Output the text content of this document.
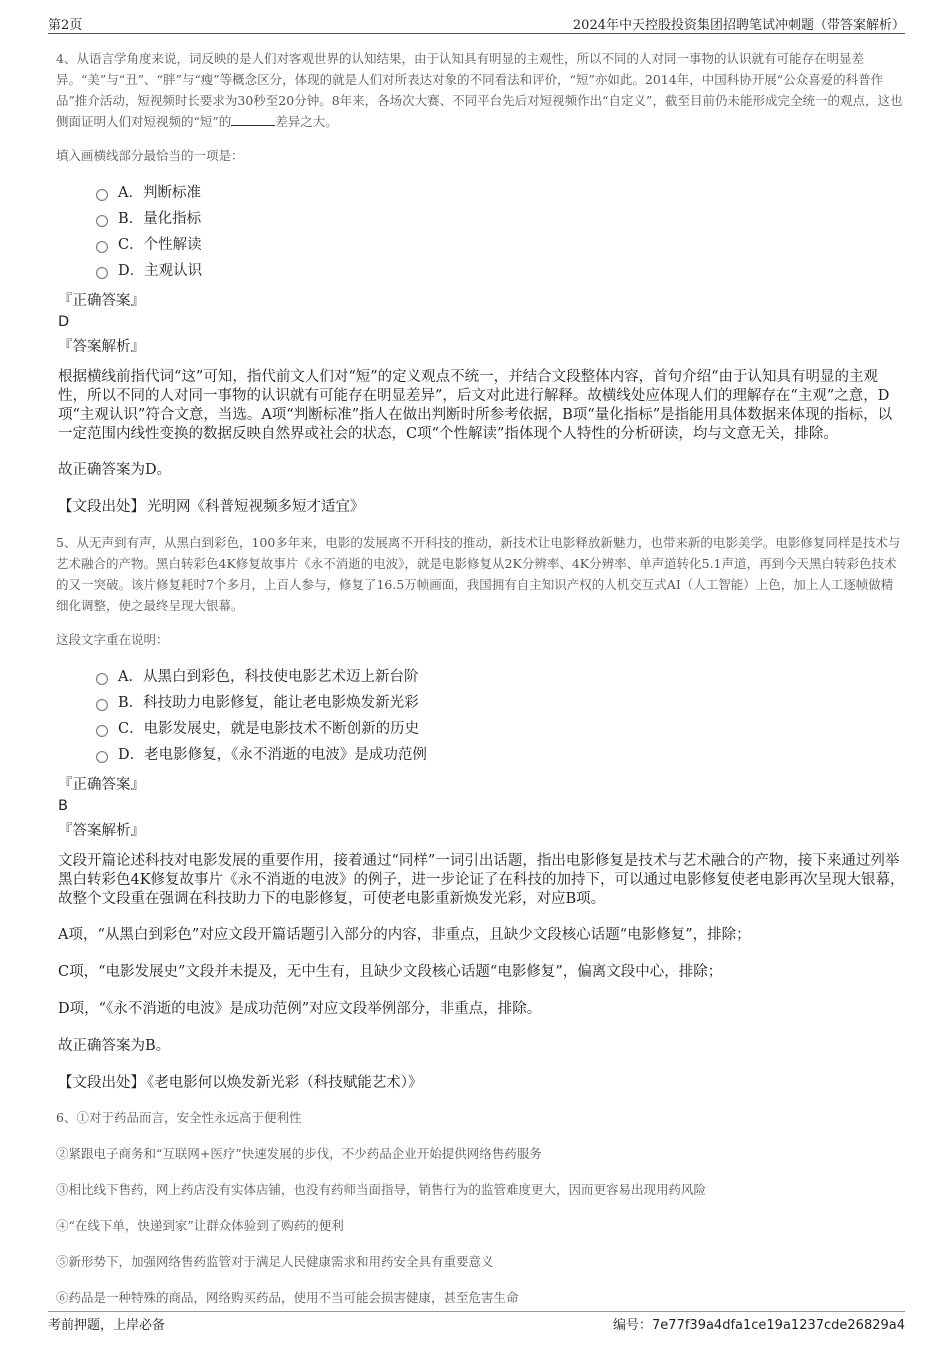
第2页	2024年中天控股投资集团招聘笔试冲刺题（带答案解析）

4、从语言学角度来说，词反映的是人们对客观世界的认知结果，由于认知具有明显的主观性，所以不同的人对同一事物的认识就有可能存在明显差异。“美”与“丑”、“胖”与“瘦”等概念区分，体现的就是人们对所表达对象的不同看法和评价，“短”亦如此。2014年，中国科协开展“公众喜爱的科普作品”推介活动，短视频时长要求为30秒至20分钟。8年来，各场次大赛、不同平台先后对短视频作出“自定义”，截至目前仍未能形成完全统一的观点，这也侧面证明人们对短视频的“短”的	差异之大。

填入画横线部分最恰当的一项是：

A．判断标准
B．量化指标
C．个性解读
D．主观认识
『正确答案』
D
『答案解析』

根据横线前指代词“这”可知，指代前文人们对“短”的定义观点不统一，并结合文段整体内容，首句介绍“由于认知具有明显的主观性，所以不同的人对同一事物的认识就有可能存在明显差异”，后文对此进行解释。故横线处应体现人们的理解存在“主观”之意，D项“主观认识”符合文意，当选。A项“判断标准”指人在做出判断时所参考依据，B项“量化指标”是指能用具体数据来体现的指标，以一定范围内线性变换的数据反映自然界或社会的状态，C项“个性解读”指体现个人特性的分析研读，均与文意无关，排除。

故正确答案为D。

【文段出处】 光明网《科普短视频多短才适宜》

5、从无声到有声，从黑白到彩色，100多年来，电影的发展离不开科技的推动，新技术让电影释放新魅力，也带来新的电影美学。电影修复同样是技术与艺术融合的产物。黑白转彩色4K修复故事片《永不消逝的电波》，就是电影修复从2K分辨率、4K分辨率、单声道转化5.1声道，再到今天黑白转彩色技术的又一突破。该片修复耗时7个多月，上百人参与，修复了16.5万帧画面，我国拥有自主知识产权的人机交互式AI（人工智能）上色，加上人工逐帧做精细化调整，使之最终呈现大银幕。

这段文字重在说明：

A．从黑白到彩色，科技使电影艺术迈上新台阶
B．科技助力电影修复，能让老电影焕发新光彩
C．电影发展史，就是电影技术不断创新的历史
D．老电影修复，《永不消逝的电波》是成功范例
『正确答案』
B
『答案解析』

文段开篇论述科技对电影发展的重要作用，接着通过“同样”一词引出话题，指出电影修复是技术与艺术融合的产物，接下来通过列举黑白转彩色4K修复故事片《永不消逝的电波》的例子，进一步论证了在科技的加持下，可以通过电影修复使老电影再次呈现大银幕，故整个文段重在强调在科技助力下的电影修复，可使老电影重新焕发光彩，对应B项。

A项，“从黑白到彩色”对应文段开篇话题引入部分的内容，非重点，且缺少文段核心话题“电影修复”，排除；

C项，“电影发展史”文段并未提及，无中生有，且缺少文段核心话题“电影修复”，偏离文段中心，排除；

D项，“《永不消逝的电波》是成功范例”对应文段举例部分，非重点，排除。

故正确答案为B。

【文段出处】 《老电影何以焕发新光彩（科技赋能艺术）》

6、①对于药品而言，安全性永远高于便利性

②紧跟电子商务和“互联网+医疗”快速发展的步伐，不少药品企业开始提供网络售药服务

③相比线下售药，网上药店没有实体店铺，也没有药师当面指导，销售行为的监管难度更大，因而更容易出现用药风险

④“在线下单，快递到家”让群众体验到了购药的便利

⑤新形势下，加强网络售药监管对于满足人民健康需求和用药安全具有重要意义

⑥药品是一种特殊的商品，网络购买药品，使用不当可能会损害健康，甚至危害生命

考前押题，上岸必备	编号：7e77f39a4dfa1ce19a1237cde26829a4
